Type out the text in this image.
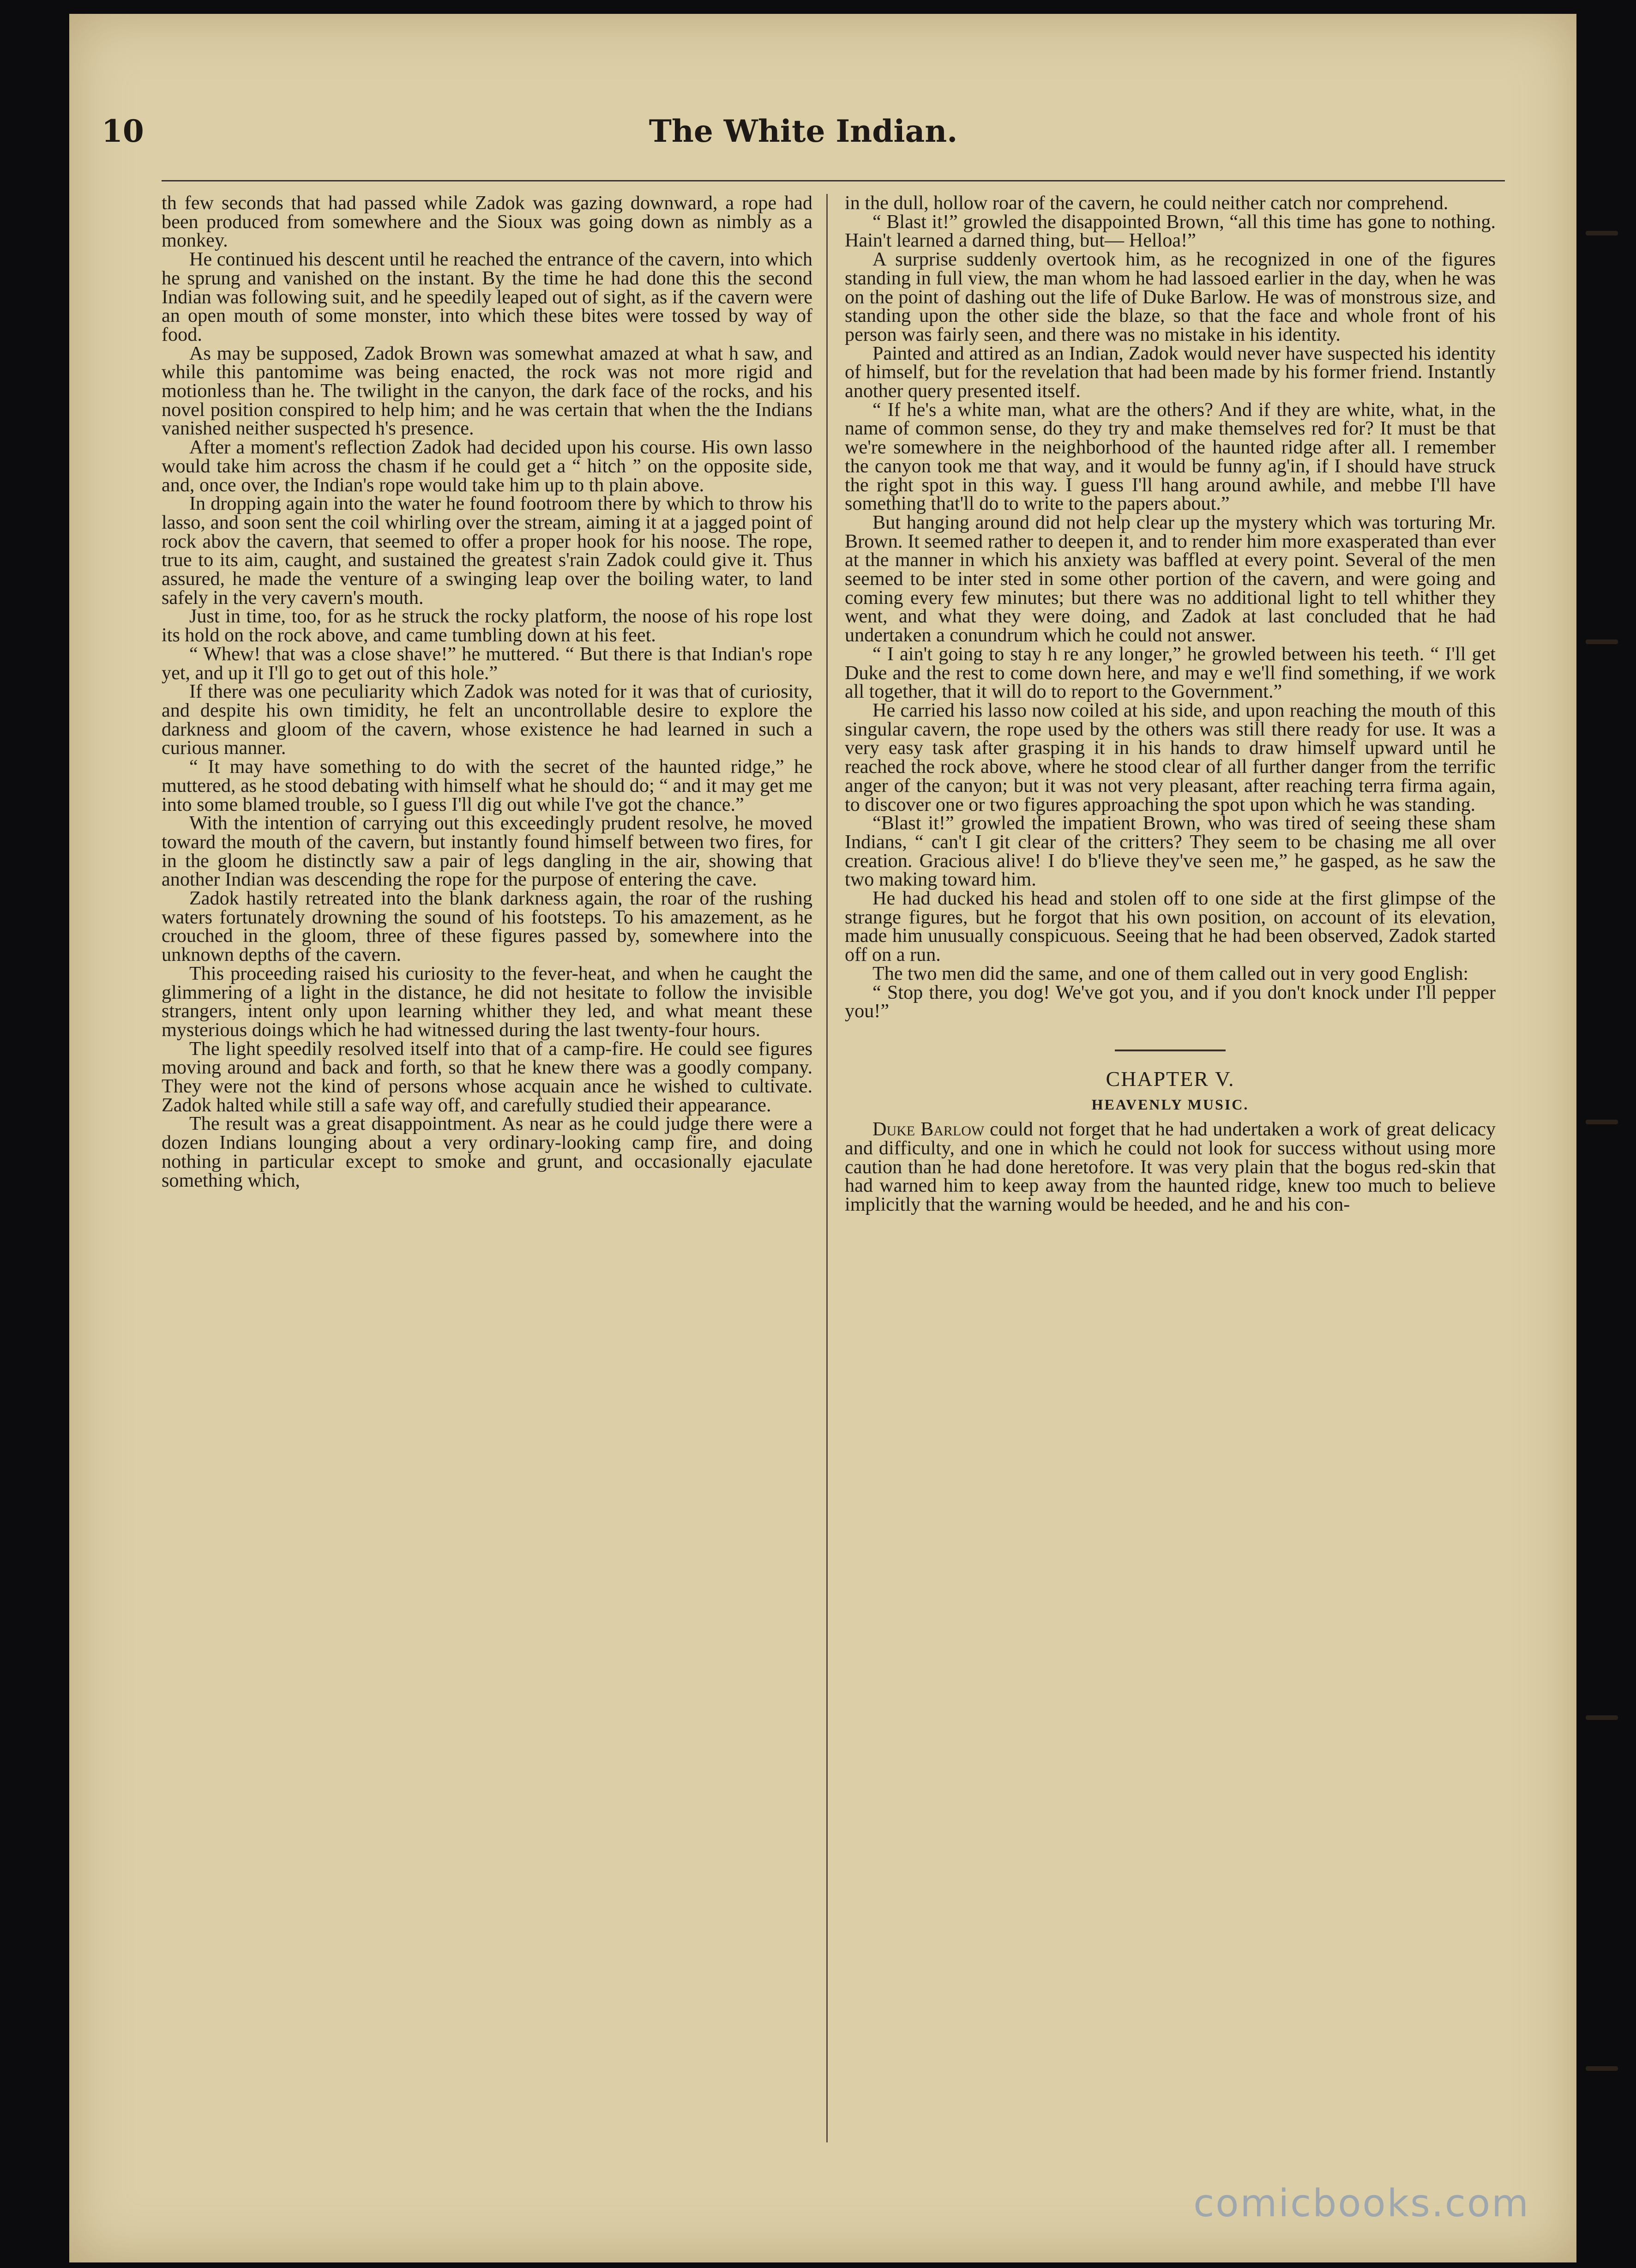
10	The White Indian.

th few seconds that had passed while Zadok was gazing downward, a rope had been produced from somewhere and the Sioux was going down as nimbly as a monkey.

He continued his descent until he reached the entrance of the cavern, into which he sprung and vanished on the instant. By the time he had done this the second Indian was following suit, and he speedily leaped out of sight, as if the cavern were an open mouth of some monster, into which these bites were tossed by way of food.

As may be supposed, Zadok Brown was somewhat amazed at what h saw, and while this pantomime was being enacted, the rock was not more rigid and motionless than he. The twilight in the canyon, the dark face of the rocks, and his novel position conspired to help him; and he was certain that when the the Indians vanished neither suspected h's presence.

After a moment's reflection Zadok had decided upon his course. His own lasso would take him across the chasm if he could get a “ hitch ” on the opposite side, and, once over, the Indian's rope would take him up to th plain above.

In dropping again into the water he found footroom there by which to throw his lasso, and soon sent the coil whirling over the stream, aiming it at a jagged point of rock abov the cavern, that seemed to offer a proper hook for his noose. The rope, true to its aim, caught, and sustained the greatest s'rain Zadok could give it. Thus assured, he made the venture of a swinging leap over the boiling water, to land safely in the very cavern's mouth.

Just in time, too, for as he struck the rocky platform, the noose of his rope lost its hold on the rock above, and came tumbling down at his feet.

“ Whew! that was a close shave!” he muttered. “ But there is that Indian's rope yet, and up it I'll go to get out of this hole.”

If there was one peculiarity which Zadok was noted for it was that of curiosity, and despite his own timidity, he felt an uncontrollable desire to explore the darkness and gloom of the cavern, whose existence he had learned in such a curious manner.

“ It may have something to do with the secret of the haunted ridge,” he muttered, as he stood debating with himself what he should do; “ and it may get me into some blamed trouble, so I guess I'll dig out while I've got the chance.”

With the intention of carrying out this exceedingly prudent resolve, he moved toward the mouth of the cavern, but instantly found himself between two fires, for in the gloom he distinctly saw a pair of legs dangling in the air, showing that another Indian was descending the rope for the purpose of entering the cave.

Zadok hastily retreated into the blank darkness again, the roar of the rushing waters fortunately drowning the sound of his footsteps. To his amazement, as he crouched in the gloom, three of these figures passed by, somewhere into the unknown depths of the cavern.

This proceeding raised his curiosity to the fever-heat, and when he caught the glimmering of a light in the distance, he did not hesitate to follow the invisible strangers, intent only upon learning whither they led, and what meant these mysterious doings which he had witnessed during the last twenty-four hours.

The light speedily resolved itself into that of a camp-fire. He could see figures moving around and back and forth, so that he knew there was a goodly company. They were not the kind of persons whose acquain ance he wished to cultivate. Zadok halted while still a safe way off, and carefully studied their appearance.

The result was a great disappointment. As near as he could judge there were a dozen Indians lounging about a very ordinary-looking camp fire, and doing nothing in particular except to smoke and grunt, and occasionally ejaculate something which,

in the dull, hollow roar of the cavern, he could neither catch nor comprehend.

“ Blast it!” growled the disappointed Brown, “all this time has gone to nothing. Hain't learned a darned thing, but— Helloa!”

A surprise suddenly overtook him, as he recognized in one of the figures standing in full view, the man whom he had lassoed earlier in the day, when he was on the point of dashing out the life of Duke Barlow. He was of monstrous size, and standing upon the other side the blaze, so that the face and whole front of his person was fairly seen, and there was no mistake in his identity.

Painted and attired as an Indian, Zadok would never have suspected his identity of himself, but for the revelation that had been made by his former friend. Instantly another query presented itself.

“ If he's a white man, what are the others? And if they are white, what, in the name of common sense, do they try and make themselves red for? It must be that we're somewhere in the neighborhood of the haunted ridge after all. I remember the canyon took me that way, and it would be funny ag'in, if I should have struck the right spot in this way. I guess I'll hang around awhile, and mebbe I'll have something that'll do to write to the papers about.”

But hanging around did not help clear up the mystery which was torturing Mr. Brown. It seemed rather to deepen it, and to render him more exasperated than ever at the manner in which his anxiety was baffled at every point. Several of the men seemed to be inter sted in some other portion of the cavern, and were going and coming every few minutes; but there was no additional light to tell whither they went, and what they were doing, and Zadok at last concluded that he had undertaken a conundrum which he could not answer.

“ I ain't going to stay h re any longer,” he growled between his teeth. “ I'll get Duke and the rest to come down here, and may e we'll find something, if we work all together, that it will do to report to the Government.”

He carried his lasso now coiled at his side, and upon reaching the mouth of this singular cavern, the rope used by the others was still there ready for use. It was a very easy task after grasping it in his hands to draw himself upward until he reached the rock above, where he stood clear of all further danger from the terrific anger of the canyon; but it was not very pleasant, after reaching terra firma again, to discover one or two figures approaching the spot upon which he was standing.

“Blast it!” growled the impatient Brown, who was tired of seeing these sham Indians, “ can't I git clear of the critters? They seem to be chasing me all over creation. Gracious alive! I do b'lieve they've seen me,” he gasped, as he saw the two making toward him.

He had ducked his head and stolen off to one side at the first glimpse of the strange figures, but he forgot that his own position, on account of its elevation, made him unusually conspicuous. Seeing that he had been observed, Zadok started off on a run.

The two men did the same, and one of them called out in very good English:

“ Stop there, you dog! We've got you, and if you don't knock under I'll pepper you!”

CHAPTER V.
HEAVENLY MUSIC.

Duke Barlow could not forget that he had undertaken a work of great delicacy and difficulty, and one in which he could not look for success without using more caution than he had done heretofore. It was very plain that the bogus red-skin that had warned him to keep away from the haunted ridge, knew too much to believe implicitly that the warning would be heeded, and he and his con-

comicbooks.com
